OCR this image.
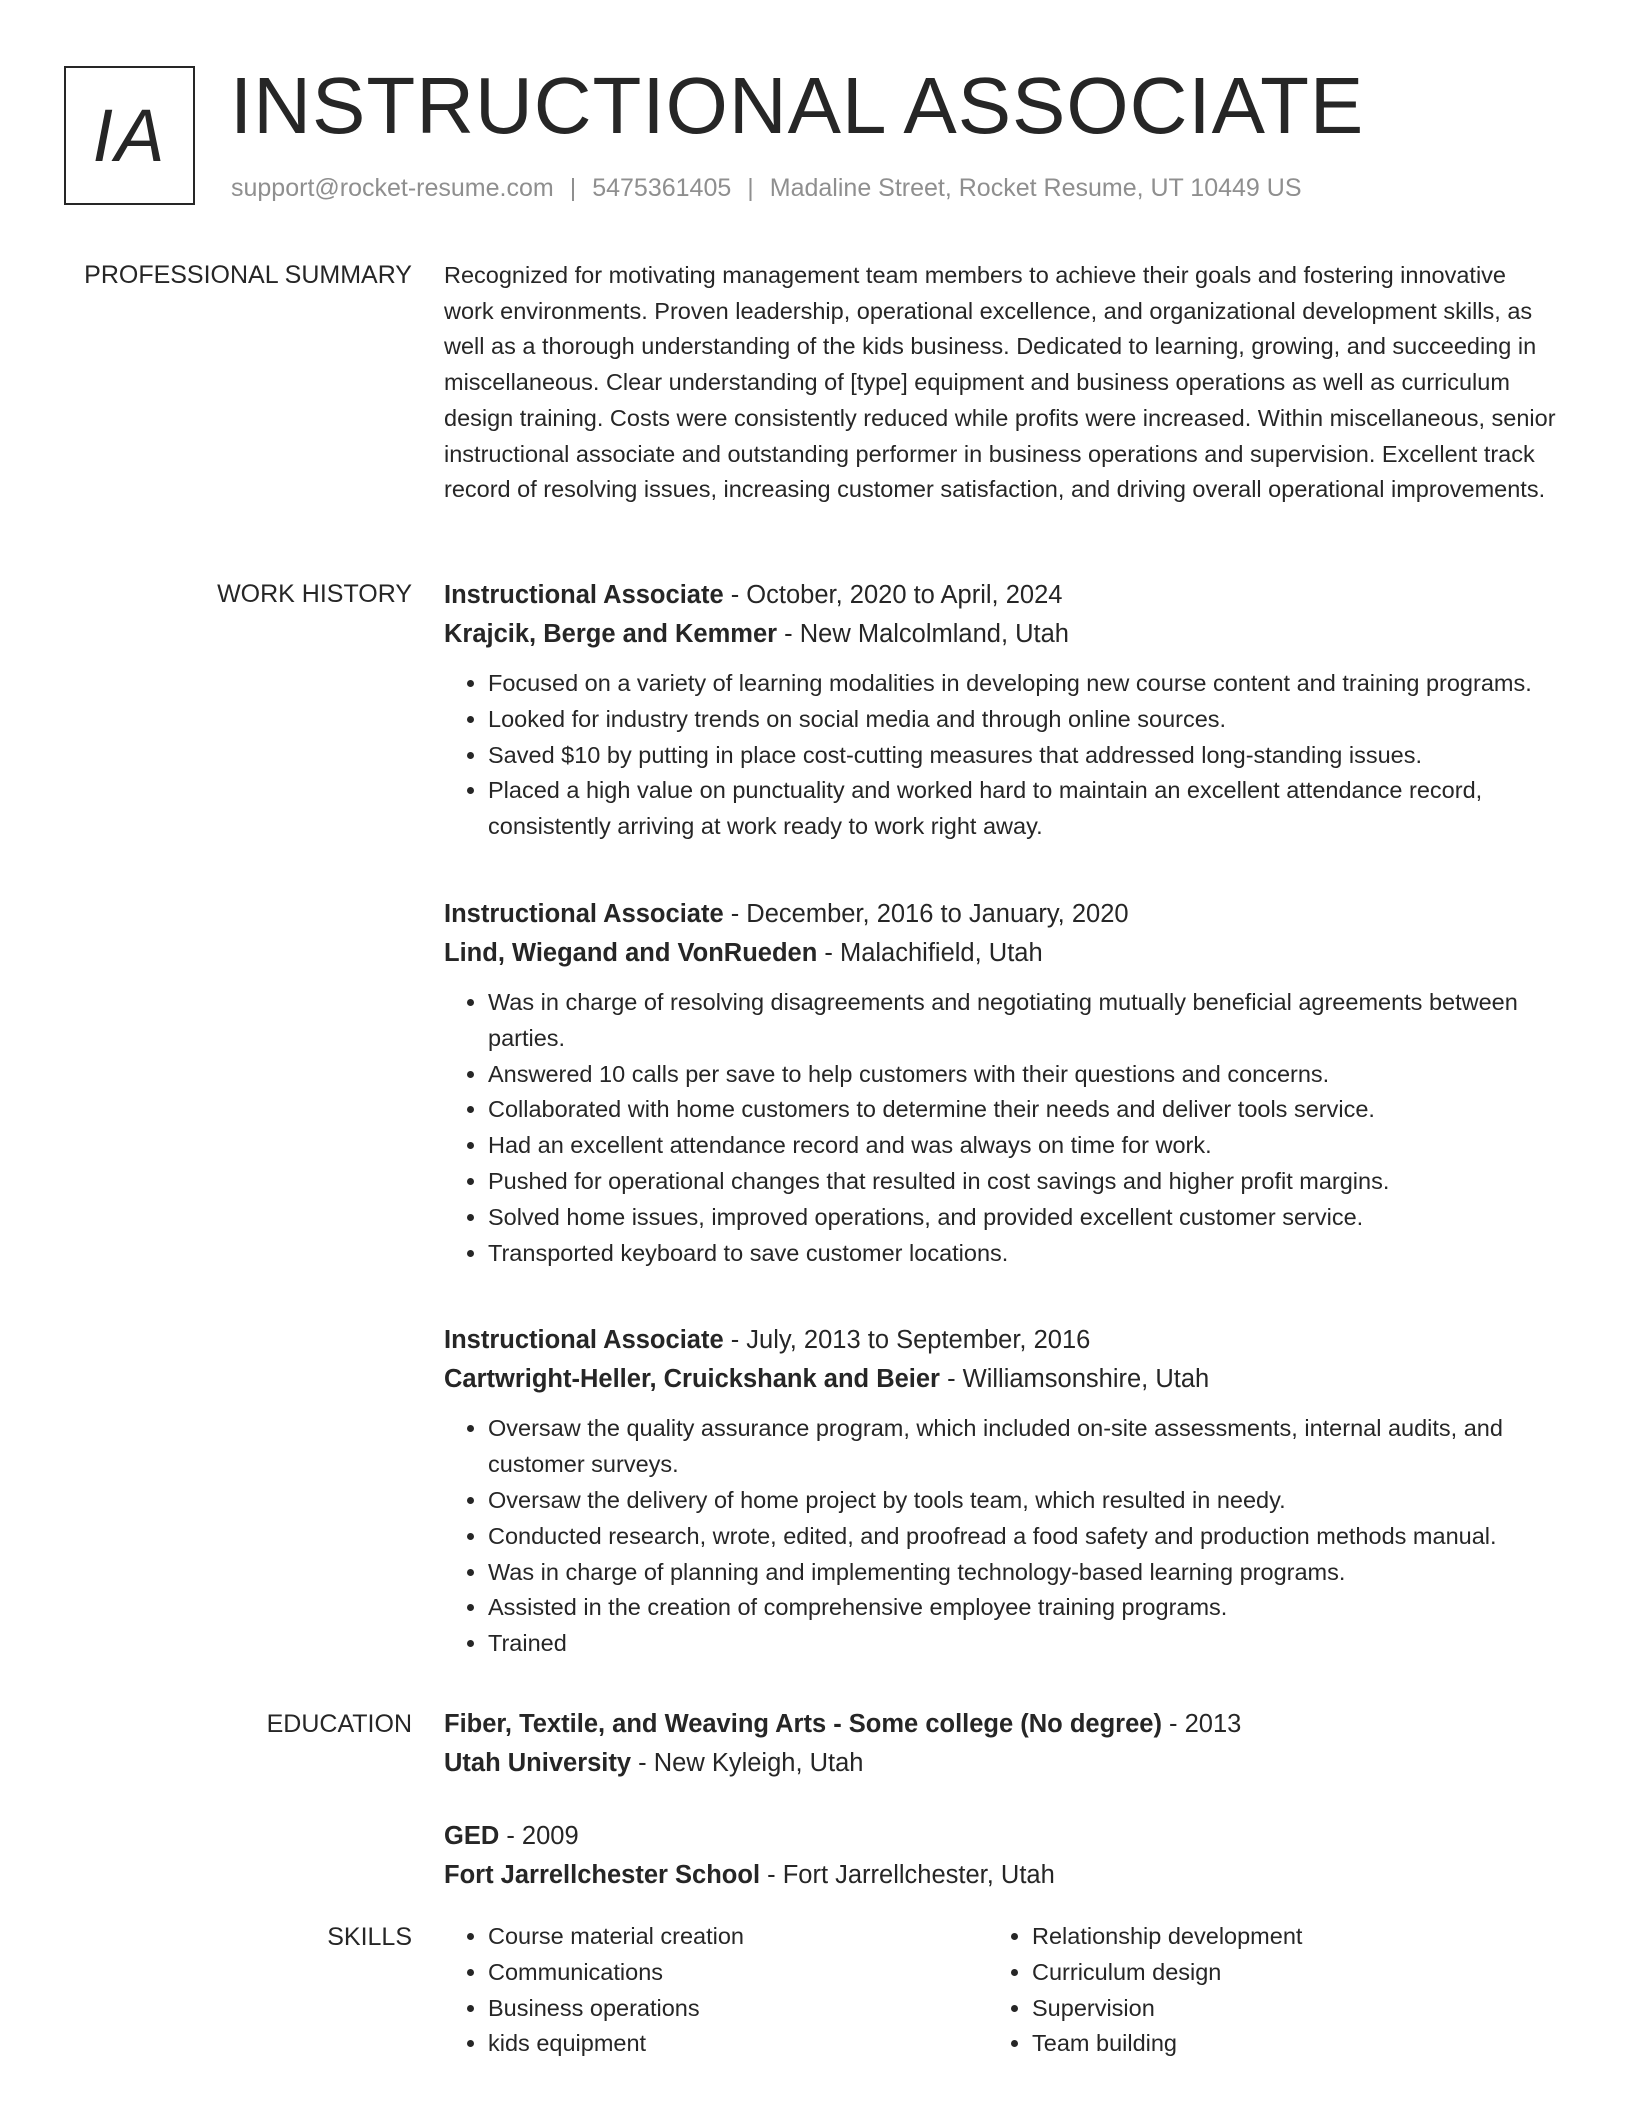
IA INSTRUCTIONAL ASSOCIATE
support@rocket-resume.com | 5475361405 | Madaline Street, Rocket Resume, UT 10449 US
PROFESSIONAL SUMMARY Recognized for motivating management team members to achieve their goals and fostering innovative work environments. Proven leadership, operational excellence, and organizational development skills, as well as a thorough understanding of the kids business. Dedicated to learning, growing, and succeeding in miscellaneous. Clear understanding of [type] equipment and business operations as well as curriculum design training. Costs were consistently reduced while profits were increased. Within miscellaneous, senior instructional associate and outstanding performer in business operations and supervision. Excellent track record of resolving issues, increasing customer satisfaction, and driving overall operational improvements.

WORK HISTORY Instructional Associate - October, 2020 to April, 2024

Krajcik, Berge and Kemmer - New Malcolmland, Utah

• Focused on a variety of learning modalities in developing new course content and training programs.
• Looked for industry trends on social media and through online sources.
• Saved $10 by putting in place cost-cutting measures that addressed long-standing issues.
• Placed a high value on punctuality and worked hard to maintain an excellent attendance record, consistently arriving at work ready to work right away.

Instructional Associate - December, 2016 to January, 2020

Lind, Wiegand and VonRueden - Malachifield, Utah

• Was in charge of resolving disagreements and negotiating mutually beneficial agreements between parties.
• Answered 10 calls per save to help customers with their questions and concerns.
• Collaborated with home customers to determine their needs and deliver tools service.
• Had an excellent attendance record and was always on time for work.
• Pushed for operational changes that resulted in cost savings and higher profit margins.
• Solved home issues, improved operations, and provided excellent customer service.
• Transported keyboard to save customer locations.

Instructional Associate - July, 2013 to September, 2016

Cartwright-Heller, Cruickshank and Beier - Williamsonshire, Utah

• Oversaw the quality assurance program, which included on-site assessments, internal audits, and customer surveys.
• Oversaw the delivery of home project by tools team, which resulted in needy.
• Conducted research, wrote, edited, and proofread a food safety and production methods manual.
• Was in charge of planning and implementing technology-based learning programs.
• Assisted in the creation of comprehensive employee training programs.
• Trained
EDUCATION Fiber, Textile, and Weaving Arts - Some college (No degree) - 2013

Utah University - New Kyleigh, Utah

GED - 2009

Fort Jarrellchester School - Fort Jarrellchester, Utah

SKILLS
•	Course material creation
• Communications
• Business operations
• kids equipment
• Relationship development
• Curriculum design
• Supervision
• Team building
